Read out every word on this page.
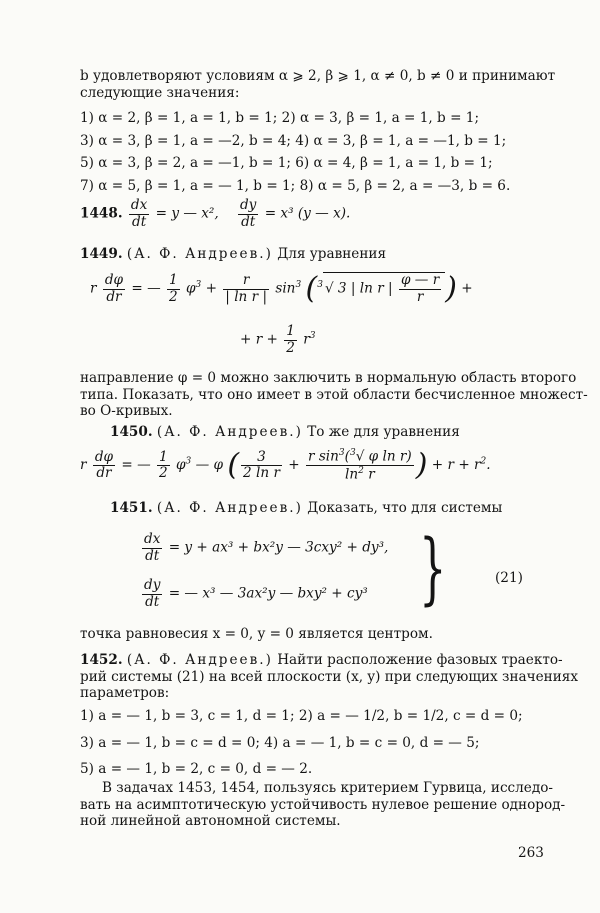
b удовлетворяют условиям α ⩾ 2, β ⩾ 1, α ≠ 0, b ≠ 0 и принимают
следующие значения:
1) α = 2, β = 1, a = 1, b = 1; 2) α = 3, β = 1, a = 1, b = 1;
3) α = 3, β = 1, a = —2, b = 4; 4) α = 3, β = 1, a = —1, b = 1;
5) α = 3, β = 2, a = —1, b = 1; 6) α = 4, β = 1, a = 1, b = 1;
7) α = 5, β = 1, a = — 1, b = 1; 8) α = 5, β = 2, a = —3, b = 6.
1448. $\frac{dx}{dt} = y$ — x², $\frac{dy}{dt} = x^3$ (y — x).
1449. (А. Ф. Андреев.) Для уравнения
r $\frac{d\varphi}{dr}$ = — $\frac{1}{2} \varphi^3 + \frac{r}{\text{| ln r |}} \sin^3 (^3$ √ 3 | ln r | $\frac{\varphi — r}{r}$ ) +
+ $r + \frac{1}{2} r^3$
направление φ = 0 можно заключить в нормальную область второго
типа. Показать, что оно имеет в этой области бесчисленное множест-
во О-кривых.
1450. (А. Ф. Андреев.) То же для уравнения
r $\frac{d\varphi}{dr}$ = — $\frac{1}{2} \varphi^3$ — φ ( $\frac{3}{\text{2 ln r}} + \frac{r \sin^3(^3√ \varphi \ln r)}{\ln^2 r}$ ) + $r + r^2$.
1451. (А. Ф. Андреев.) Доказать, что для системы
$\frac{dx}{dt} = y + ax^3 + bx^2y$ — 3cxy² + dy³,
$\frac{dy}{dt}$ = — x³ — 3ax²y — bxy² + cy³ }	(21)
точка равновесия x = 0, y = 0 является центром.
1452. (А. Ф. Андреев.) Найти расположение фазовых траекто-
рий системы (21) на всей плоскости (x, y) при следующих значениях
параметров:
1) a = — 1, b = 3, c = 1, d = 1; 2) a = — 1/2, b = 1/2, c = d = 0;
3) a = — 1, b = c = d = 0; 4) a = — 1, b = c = 0, d = — 5;
5) a = — 1, b = 2, c = 0, d = — 2.
В задачах 1453, 1454, пользуясь критерием Гурвица, исследо-
вать на асимптотическую устойчивость нулевое решение однород-
ной линейной автономной системы.
263
